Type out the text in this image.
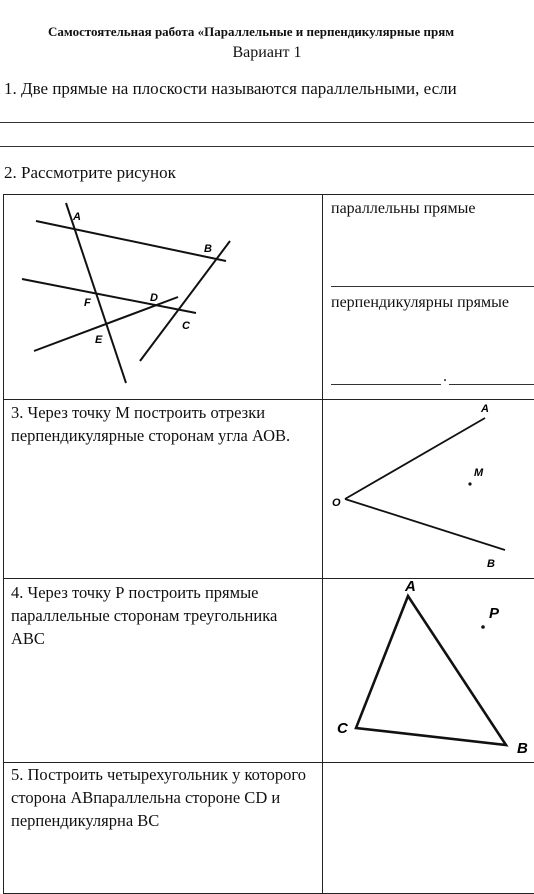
Самостоятельная работа «Параллельные и перпендикулярные прям
Вариант 1
1. Две прямые на плоскости называются параллельными, если
2. Рассмотрите рисунок
A
B
D
F
C
E
параллельны прямые
перпендикулярны прямые
.
3. Через точку М построить отрезки перпендикулярные сторонам угла АОВ.
A
M
O
B
4. Через точку Р построить прямые параллельные сторонам треугольника АВС
A
P
C
B
5. Построить четырехугольник у которого сторона АВпараллельна стороне CD и перпендикулярна ВС
